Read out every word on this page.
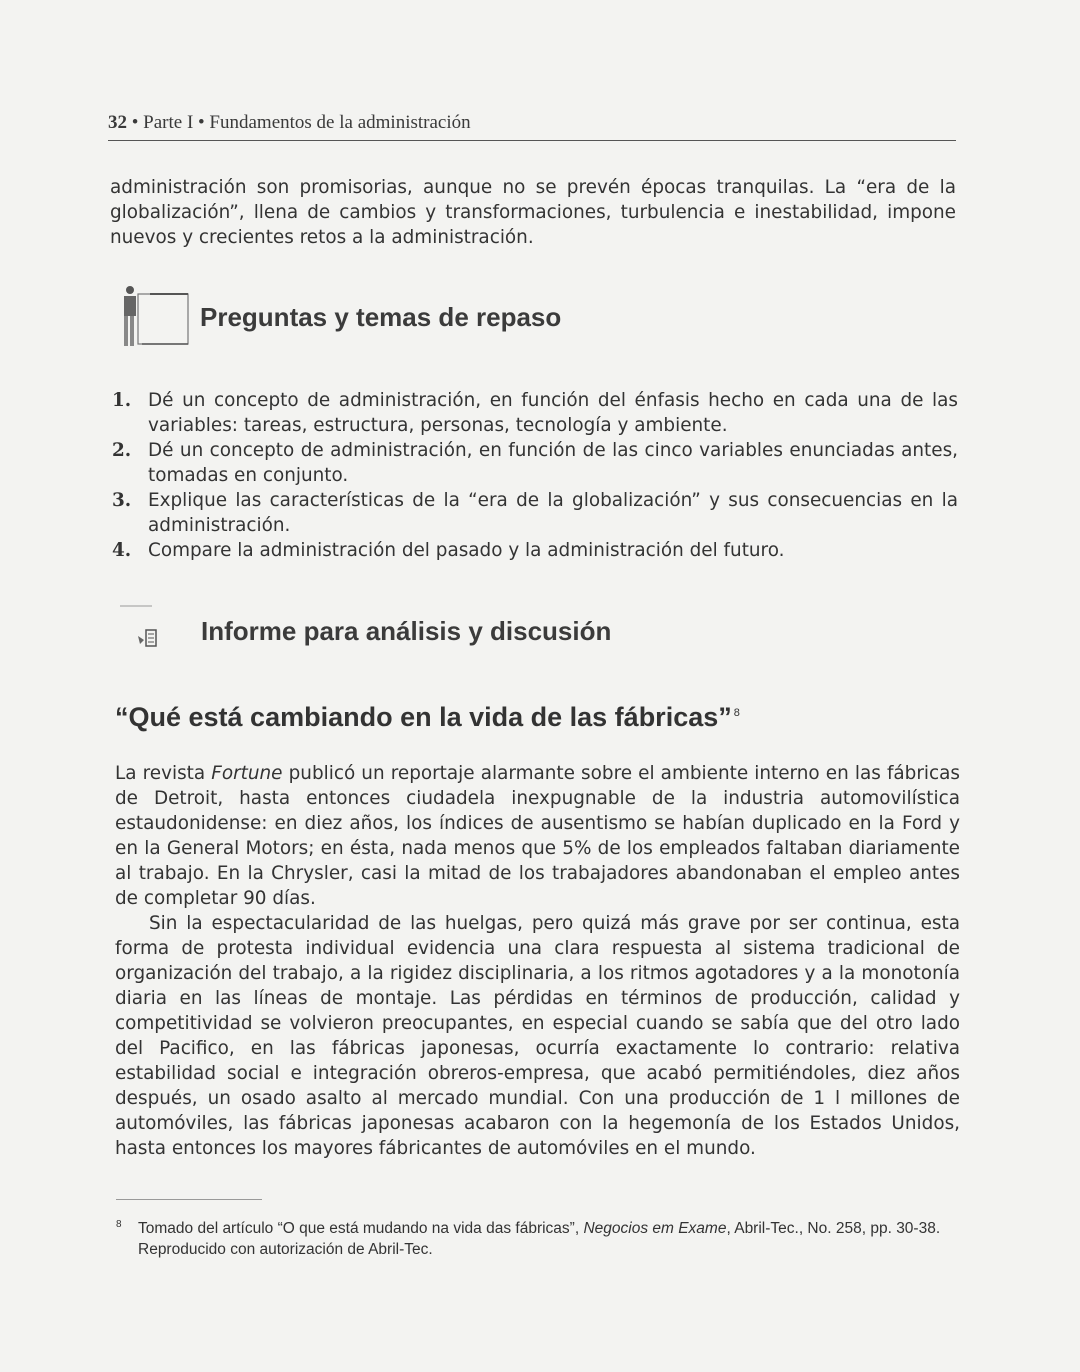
32 • Parte I • Fundamentos de la administración
administración son promisorias, aunque no se prevén épocas tranquilas. La “era de la globalización”, llena de cambios y transformaciones, turbulencia e inestabilidad, impone nuevos y crecientes retos a la administración.
Preguntas y temas de repaso
1. Dé un concepto de administración, en función del énfasis hecho en cada una de las variables: tareas, estructura, personas, tecnología y ambiente.
2. Dé un concepto de administración, en función de las cinco variables enunciadas antes, tomadas en conjunto.
3. Explique las características de la “era de la globalización” y sus consecuencias en la administración.
4. Compare la administración del pasado y la administración del futuro.
Informe para análisis y discusión
“Qué está cambiando en la vida de las fábricas” $^8$

La revista Fortune publicó un reportaje alarmante sobre el ambiente interno en las fábricas de Detroit, hasta entonces ciudadela inexpugnable de la industria automovilística estaudonidense: en diez años, los índices de ausentismo se habían duplicado en la Ford y en la General Motors; en ésta, nada menos que 5% de los empleados faltaban diariamente al trabajo. En la Chrysler, casi la mitad de los trabajadores abandonaban el empleo antes de completar 90 días.

Sin la espectacularidad de las huelgas, pero quizá más grave por ser continua, esta forma de protesta individual evidencia una clara respuesta al sistema tradicional de organización del trabajo, a la rigidez disciplinaria, a los ritmos agotadores y a la monotonía diaria en las líneas de montaje. Las pérdidas en términos de producción, calidad y competitividad se volvieron preocupantes, en especial cuando se sabía que del otro lado del Pacifico, en las fábricas japonesas, ocurría exactamente lo contrario: relativa estabilidad social e integración obreros-empresa, que acabó permitiéndoles, diez años después, un osado asalto al mercado mundial. Con una producción de 1 l millones de automóviles, las fábricas japonesas acabaron con la hegemonía de los Estados Unidos, hasta entonces los mayores fábricantes de automóviles en el mundo.

8 Tomado del artículo “O que está mudando na vida das fábricas”, Negocios em Exame, Abril-Tec., No. 258, pp. 30-38. Reproducido con autorización de Abril-Tec.
